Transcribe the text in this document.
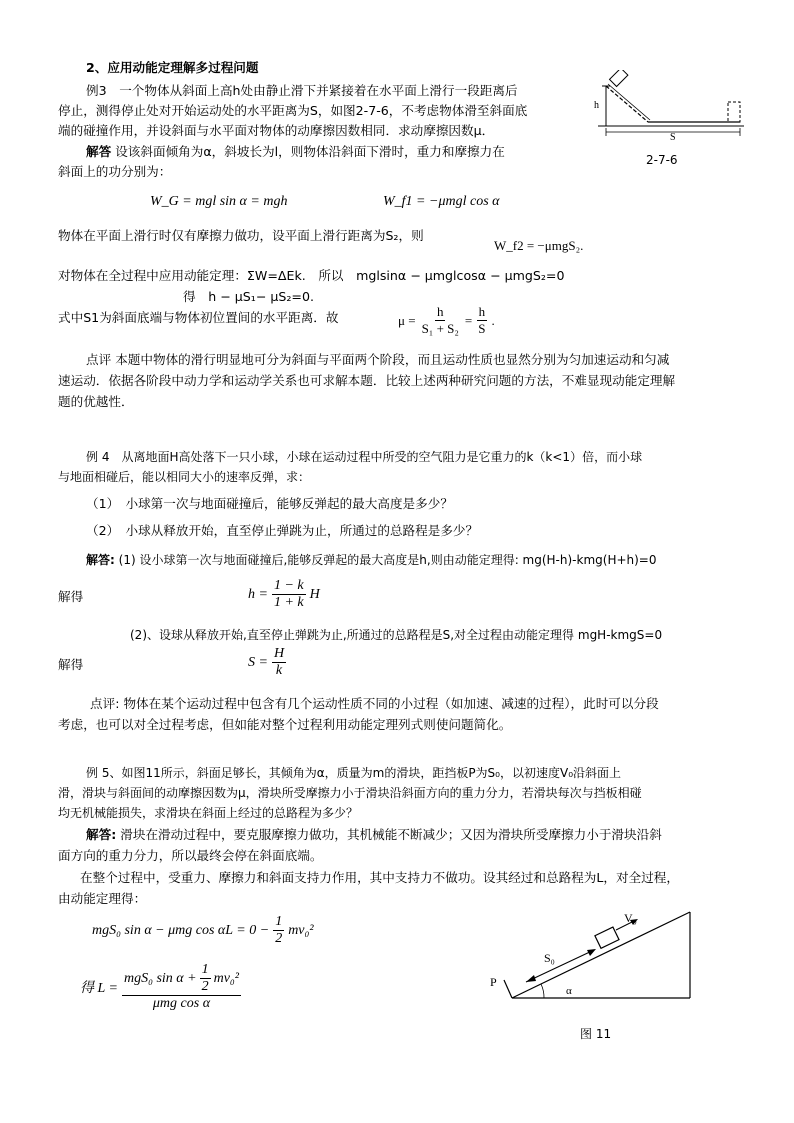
2、应用动能定理解多过程问题
例3　一个物体从斜面上高h处由静止滑下并紧接着在水平面上滑行一段距离后
停止，测得停止处对开始运动处的水平距离为S，如图2-7-6，不考虑物体滑至斜面底
端的碰撞作用，并设斜面与水平面对物体的动摩擦因数相同．求动摩擦因数μ．
解答 设该斜面倾角为α，斜坡长为l，则物体沿斜面下滑时，重力和摩擦力在
斜面上的功分别为：
W_G = mgl sin α = mgh	W_f1 = −μmgl cos α
物体在平面上滑行时仅有摩擦力做功，设平面上滑行距离为S₂，则
W_f2 = −μmgS₂.
对物体在全过程中应用动能定理：ΣW=ΔEk.　所以　mglsinα − μmglcosα − μmgS₂=0
得　h − μS₁− μS₂=0.
式中S1为斜面底端与物体初位置间的水平距离．故	$\mu = \frac{h}{\text{S₁ + S₂}} = \frac{h}{S}$ .
h
S
2-7-6
点评 本题中物体的滑行明显地可分为斜面与平面两个阶段，而且运动性质也显然分别为匀加速运动和匀减
速运动．依据各阶段中动力学和运动学关系也可求解本题．比较上述两种研究问题的方法，不难显现动能定理解
题的优越性．
例 4　从离地面H高处落下一只小球，小球在运动过程中所受的空气阻力是它重力的k（k<1）倍，而小球
与地面相碰后，能以相同大小的速率反弹，求：
（1）　小球第一次与地面碰撞后，能够反弹起的最大高度是多少？
（2）　小球从释放开始，直至停止弹跳为止，所通过的总路程是多少？
解答: (1) 设小球第一次与地面碰撞后,能够反弹起的最大高度是h,则由动能定理得: mg(H-h)-kmg(H+h)=0
解得	$h = \frac{1 - k}{1 + k}$ H
(2)、设球从释放开始,直至停止弹跳为止,所通过的总路程是S,对全过程由动能定理得 mgH-kmgS=0
解得	$S = \frac{H}{k}$
点评: 物体在某个运动过程中包含有几个运动性质不同的小过程（如加速、减速的过程），此时可以分段
考虑，也可以对全过程考虑，但如能对整个过程利用动能定理列式则使问题简化。
例 5、如图11所示，斜面足够长，其倾角为α，质量为m的滑块，距挡板P为S₀，以初速度V₀沿斜面上
滑，滑块与斜面间的动摩擦因数为μ，滑块所受摩擦力小于滑块沿斜面方向的重力分力，若滑块每次与挡板相碰
均无机械能损失，求滑块在斜面上经过的总路程为多少？
解答: 滑块在滑动过程中，要克服摩擦力做功，其机械能不断减少；又因为滑块所受摩擦力小于滑块沿斜
面方向的重力分力，所以最终会停在斜面底端。
在整个过程中，受重力、摩擦力和斜面支持力作用，其中支持力不做功。设其经过和总路程为L，对全过程，
由动能定理得：
mgS₀ sin α − μmg $\cos \alpha L = 0 - \frac{1}{2} mv_0^2$
得 $L = \frac{mgS_0 \sin \alpha + \frac{1}{2} mv_0^2}{\text{μmg cos α}}$
V₀
S₀
P
α
图 11
